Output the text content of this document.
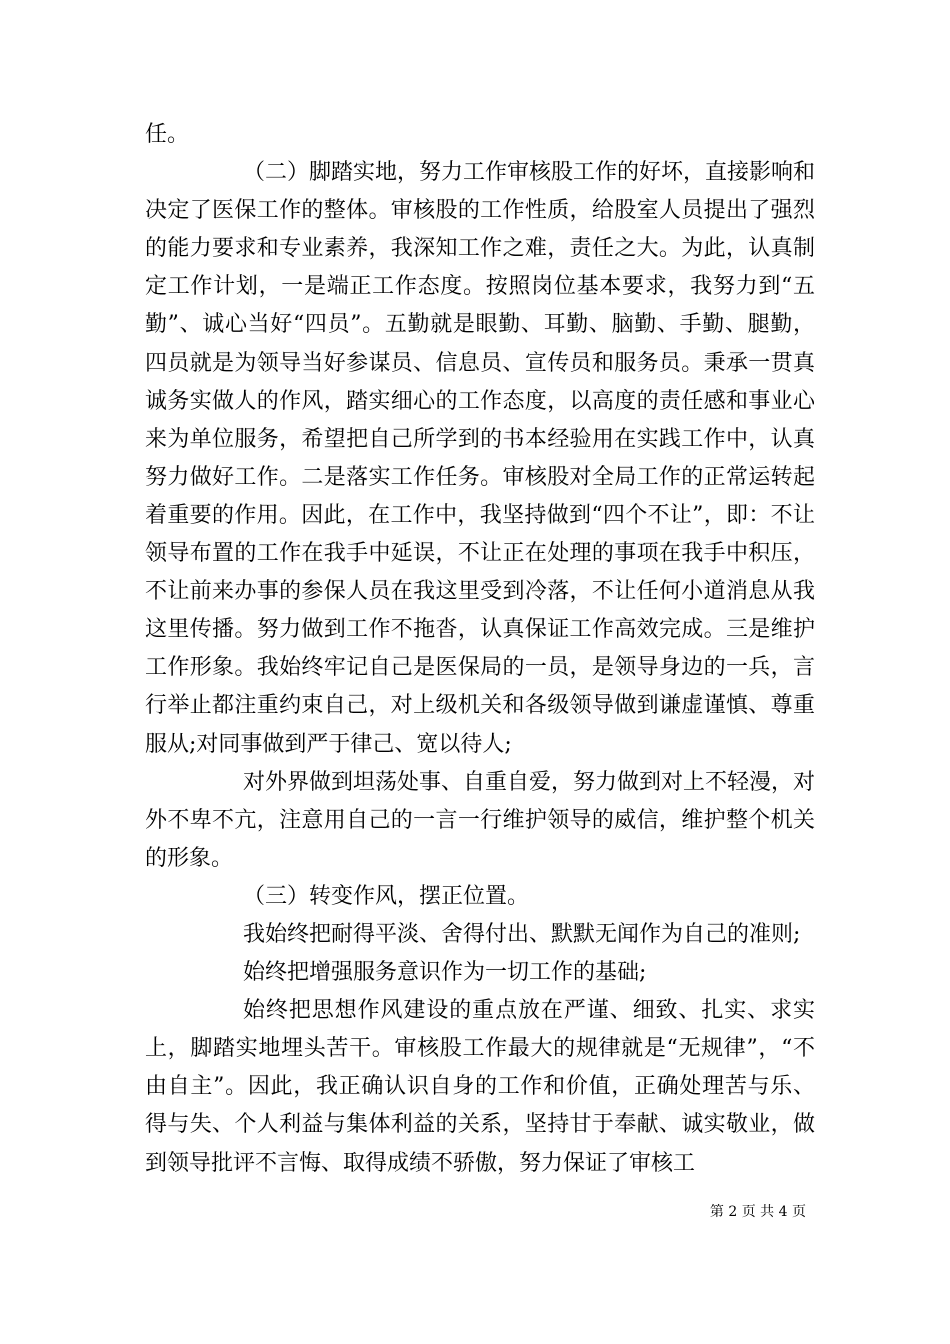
任。

（二）脚踏实地，努力工作审核股工作的好坏，直接影响和决定了医保工作的整体。审核股的工作性质，给股室人员提出了强烈的能力要求和专业素养，我深知工作之难，责任之大。为此，认真制定工作计划，一是端正工作态度。按照岗位基本要求，我努力到“五勤”、诚心当好“四员”。五勤就是眼勤、耳勤、脑勤、手勤、腿勤，四员就是为领导当好参谋员、信息员、宣传员和服务员。秉承一贯真诚务实做人的作风，踏实细心的工作态度，以高度的责任感和事业心来为单位服务，希望把自己所学到的书本经验用在实践工作中，认真努力做好工作。二是落实工作任务。审核股对全局工作的正常运转起着重要的作用。因此，在工作中，我坚持做到“四个不让”，即：不让领导布置的工作在我手中延误，不让正在处理的事项在我手中积压，不让前来办事的参保人员在我这里受到冷落，不让任何小道消息从我这里传播。努力做到工作不拖沓，认真保证工作高效完成。三是维护工作形象。我始终牢记自己是医保局的一员，是领导身边的一兵，言行举止都注重约束自己，对上级机关和各级领导做到谦虚谨慎、尊重服从;对同事做到严于律己、宽以待人;

对外界做到坦荡处事、自重自爱，努力做到对上不轻漫，对外不卑不亢，注意用自己的一言一行维护领导的威信，维护整个机关的形象。

（三）转变作风，摆正位置。

我始终把耐得平淡、舍得付出、默默无闻作为自己的准则;

始终把增强服务意识作为一切工作的基础;

始终把思想作风建设的重点放在严谨、细致、扎实、求实上，脚踏实地埋头苦干。审核股工作最大的规律就是“无规律”，“不由自主”。因此，我正确认识自身的工作和价值，正确处理苦与乐、得与失、个人利益与集体利益的关系，坚持甘于奉献、诚实敬业，做到领导批评不言悔、取得成绩不骄傲，努力保证了审核工

第 2 页 共 4 页
